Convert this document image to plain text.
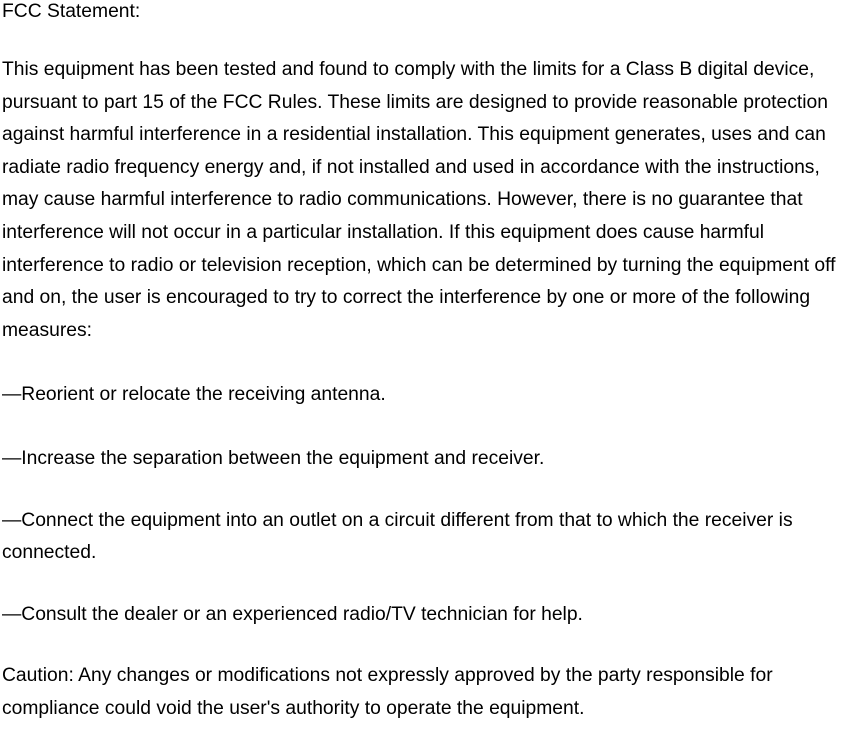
FCC Statement:

This equipment has been tested and found to comply with the limits for a Class B digital device, pursuant to part 15 of the FCC Rules. These limits are designed to provide reasonable protection against harmful interference in a residential installation. This equipment generates, uses and can radiate radio frequency energy and, if not installed and used in accordance with the instructions, may cause harmful interference to radio communications. However, there is no guarantee that interference will not occur in a particular installation. If this equipment does cause harmful interference to radio or television reception, which can be determined by turning the equipment off and on, the user is encouraged to try to correct the interference by one or more of the following measures:

—Reorient or relocate the receiving antenna.

—Increase the separation between the equipment and receiver.

—Connect the equipment into an outlet on a circuit different from that to which the receiver is connected.

—Consult the dealer or an experienced radio/TV technician for help.

Caution: Any changes or modifications not expressly approved by the party responsible for compliance could void the user's authority to operate the equipment.
